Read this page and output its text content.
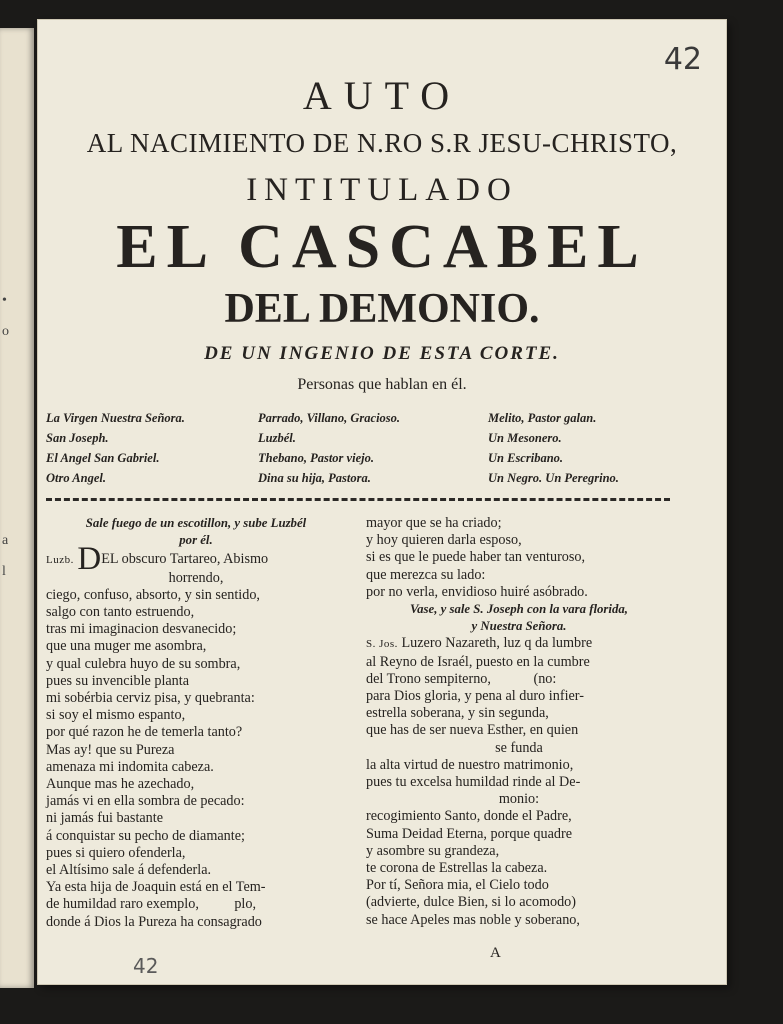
•
o
a
l
42
AUTO
AL NACIMIENTO DE N.RO S.R JESU-CHRISTO,
INTITULADO
EL CASCABEL
DEL DEMONIO.
DE UN INGENIO DE ESTA CORTE.
Personas que hablan en él.
La Virgen Nuestra Señora.
San Joseph.
El Angel San Gabriel.
Otro Angel.
Parrado, Villano, Gracioso.
Luzbél.
Thebano, Pastor viejo.
Dina su hija, Pastora.
Melito, Pastor galan.
Un Mesonero.
Un Escribano.
Un Negro. Un Peregrino.
Sale fuego de un escotillon, y sube Luzbél
por él.
Luzb. DEL obscuro Tartareo, Abismo
horrendo,
ciego, confuso, absorto, y sin sentido,
salgo con tanto estruendo,
tras mi imaginacion desvanecido;
que una muger me asombra,
y qual culebra huyo de su sombra,
pues su invencible planta
mi sobérbia cerviz pisa, y quebranta:
si soy el mismo espanto,
por qué razon he de temerla tanto?
Mas ay! que su Pureza
amenaza mi indomita cabeza.
Aunque mas he azechado,
jamás vi en ella sombra de pecado:
ni jamás fui bastante
á conquistar su pecho de diamante;
pues si quiero ofenderla,
el Altísimo sale á defenderla.
Ya esta hija de Joaquin está en el Tem-
de humildad raro exemplo,          plo,
donde á Dios la Pureza ha consagrado
mayor que se ha criado;
y hoy quieren darla esposo,
si es que le puede haber tan venturoso,
que merezca su lado:
por no verla, envidioso huiré asóbrado.
Vase, y sale S. Joseph con la vara florida,
y Nuestra Señora.
S. Jos. Luzero Nazareth, luz q da lumbre
al Reyno de Israél, puesto en la cumbre
del Trono sempiterno,            (no:
para Dios gloria, y pena al duro infier-
estrella soberana, y sin segunda,
que has de ser nueva Esther, en quien
se funda
la alta virtud de nuestro matrimonio,
pues tu excelsa humildad rinde al De-
monio:
recogimiento Santo, donde el Padre,
Suma Deidad Eterna, porque quadre
y asombre su grandeza,
te corona de Estrellas la cabeza.
Por tí, Señora mia, el Cielo todo
(advierte, dulce Bien, si lo acomodo)
se hace Apeles mas noble y soberano,
A
42
